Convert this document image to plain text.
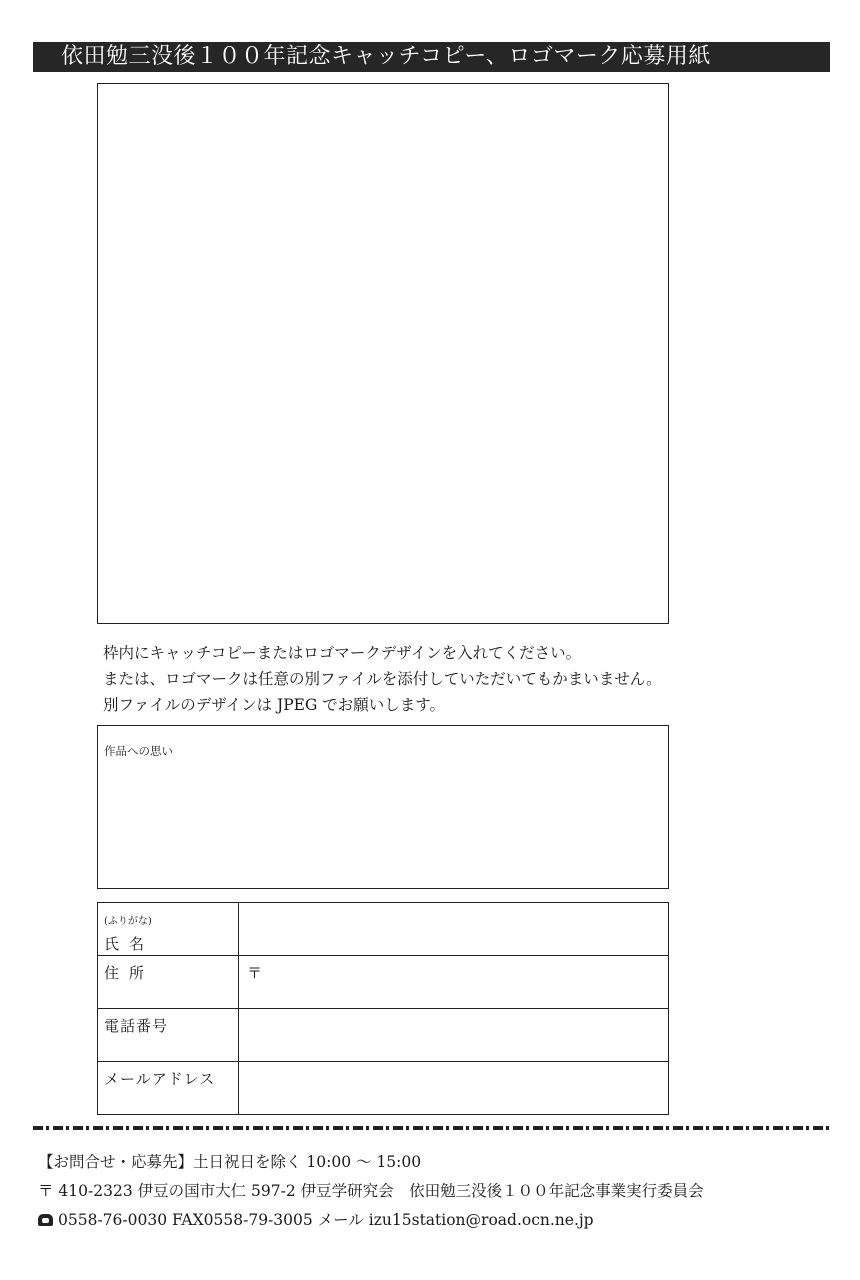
依田勉三没後１００年記念キャッチコピー、ロゴマーク応募用紙
枠内にキャッチコピーまたはロゴマークデザインを入れてください。
または、ロゴマークは任意の別ファイルを添付していただいてもかまいません。
別ファイルのデザインは JPEG でお願いします。
作品への思い
(ふりがな)
氏名	

住所	〒

電話番号	

メールアドレス	

【お問合せ・応募先】土日祝日を除く 10:00 ～ 15:00
〒 410-2323 伊豆の国市大仁 597-2 伊豆学研究会　依田勉三没後１００年記念事業実行委員会
0558-76-0030 FAX0558-79-3005 メール izu15station@road.ocn.ne.jp
